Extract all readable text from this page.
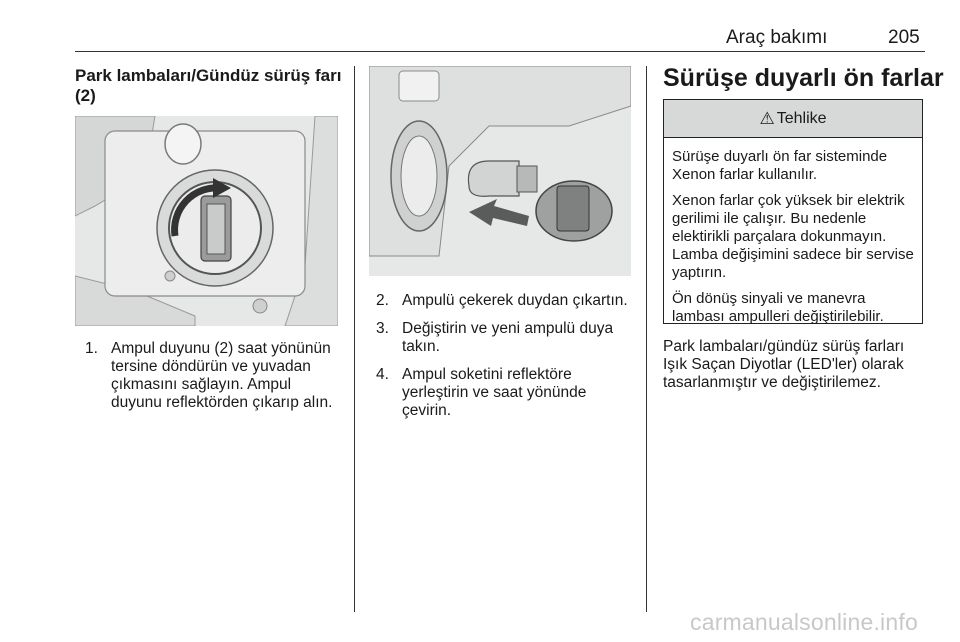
Araç bakımı	205
Park lambaları/Gündüz sürüş farı (2)
1. Ampul duyunu (2) saat yönünün tersine döndürün ve yuvadan çıkmasını sağlayın. Ampul duyunu reflektörden çıkarıp alın.
2. Ampulü çekerek duydan çıkartın.
3. Değiştirin ve yeni ampulü duya takın.
4. Ampul soketini reflektöre yerleştirin ve saat yönünde çevirin.
Sürüşe duyarlı ön farlar
⚠ Tehlike

Sürüşe duyarlı ön far sisteminde Xenon farlar kullanılır.

Xenon farlar çok yüksek bir elektrik gerilimi ile çalışır. Bu nedenle elektirikli parçalara dokunmayın. Lamba değişimini sadece bir servise yaptırın.

Ön dönüş sinyali ve manevra lambası ampulleri değiştirilebilir.

Park lambaları/gündüz sürüş farları Işık Saçan Diyotlar (LED'ler) olarak tasarlanmıştır ve değiştirilemez.

carmanualsonline.info
